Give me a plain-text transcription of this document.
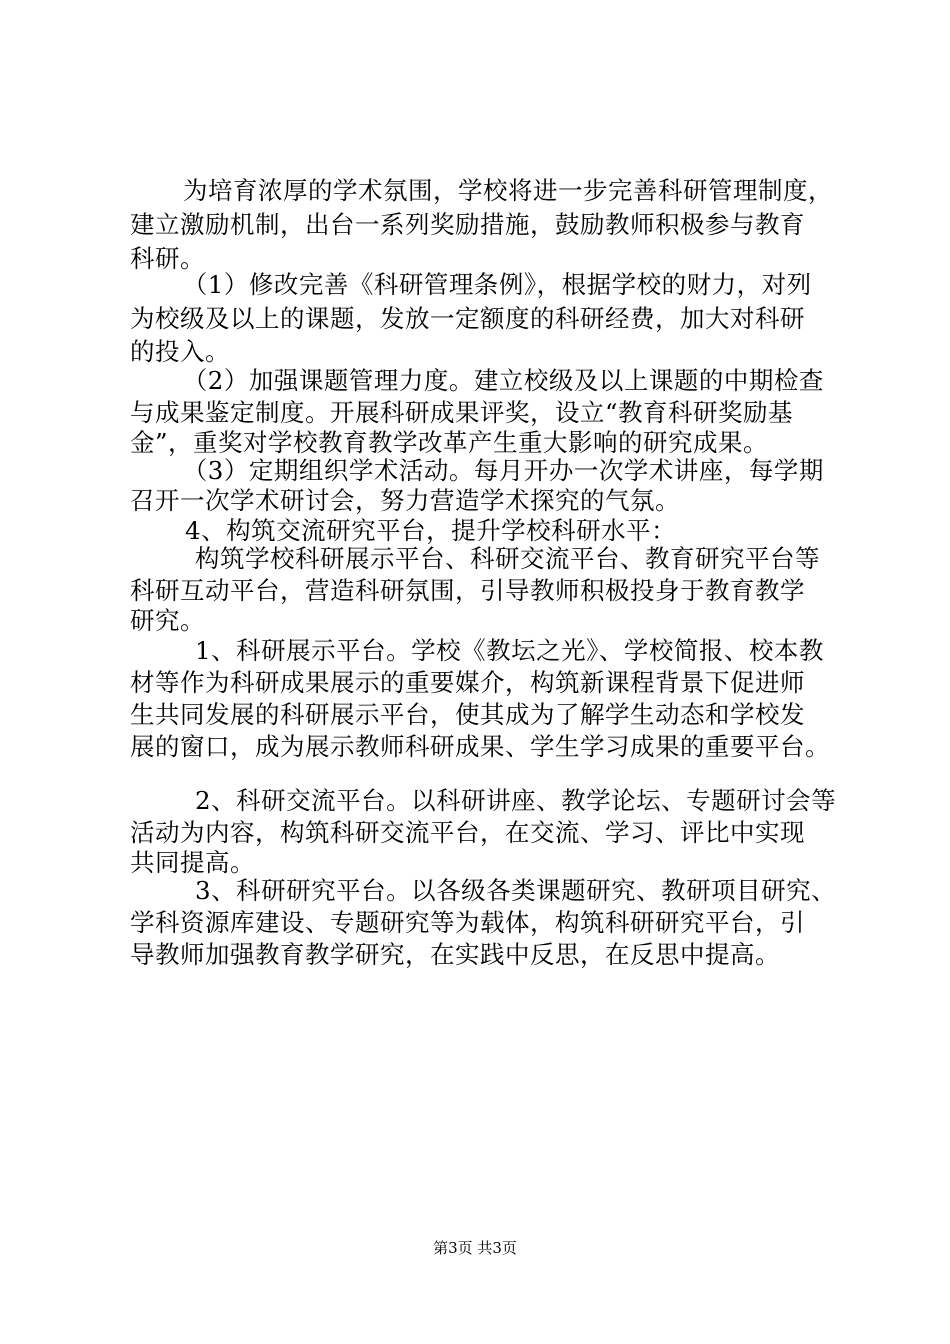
　为培育浓厚的学术氛围，学校将进一步完善科研管理制度，
建立激励机制，出台一系列奖励措施，鼓励教师积极参与教育
科研。
　（1）修改完善《科研管理条例》，根据学校的财力，对列
为校级及以上的课题，发放一定额度的科研经费，加大对科研
的投入。
　（2）加强课题管理力度。建立校级及以上课题的中期检查
与成果鉴定制度。开展科研成果评奖，设立“教育科研奖励基
金”，重奖对学校教育教学改革产生重大影响的研究成果。
　（3）定期组织学术活动。每月开办一次学术讲座，每学期
召开一次学术研讨会，努力营造学术探究的气氛。
　4、构筑交流研究平台，提升学校科研水平：
　构筑学校科研展示平台、科研交流平台、教育研究平台等
科研互动平台，营造科研氛围，引导教师积极投身于教育教学
研究。
　1、科研展示平台。学校《教坛之光》、学校简报、校本教
材等作为科研成果展示的重要媒介，构筑新课程背景下促进师
生共同发展的科研展示平台，使其成为了解学生动态和学校发
展的窗口，成为展示教师科研成果、学生学习成果的重要平台。
　2、科研交流平台。以科研讲座、教学论坛、专题研讨会等
活动为内容，构筑科研交流平台，在交流、学习、评比中实现
共同提高。
　3、科研研究平台。以各级各类课题研究、教研项目研究、
学科资源库建设、专题研究等为载体，构筑科研研究平台，引
导教师加强教育教学研究，在实践中反思，在反思中提高。
第3页 共3页
